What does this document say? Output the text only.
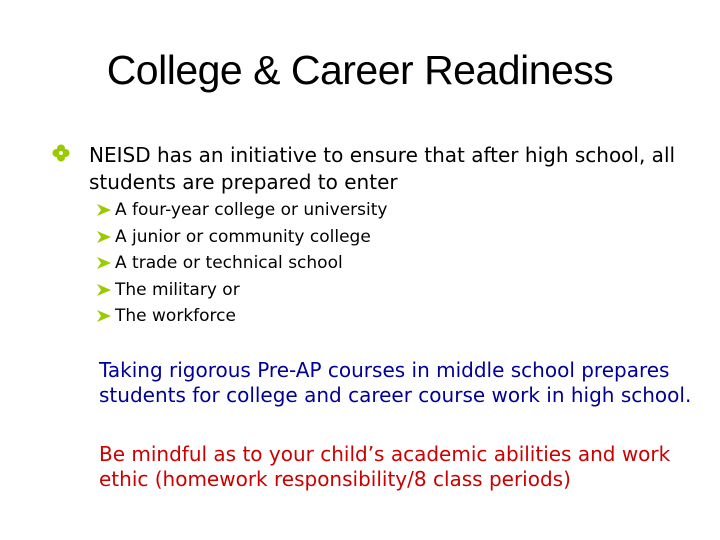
College & Career Readiness
NEISD has an initiative to ensure that after high school, all students are prepared to enter
A four-year college or university
A junior or community college
A trade or technical school
The military or
The workforce
Taking rigorous Pre-AP courses in middle school prepares students for college and career course work in high school.
Be mindful as to your child’s academic abilities and work ethic (homework responsibility/8 class periods)
